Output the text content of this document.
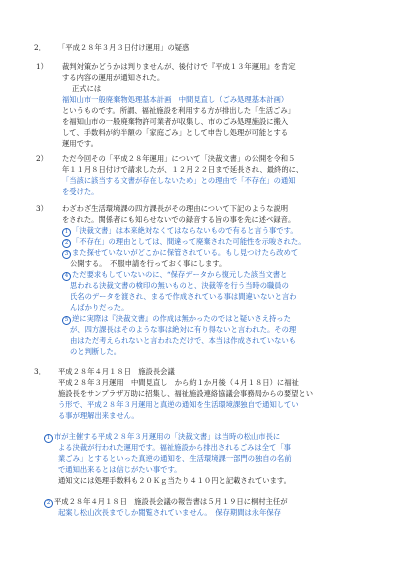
2． 「平成２８年３月３日付け運用」の疑惑
1） 裁判対策かどうかは判りませんが、後付けで『平成１３年運用』を肯定
する内容の運用が通知された。
正式には
福知山市一般廃棄物処理基本計画　中間見直し（ごみ処理基本計画）
というものです。所謂、福祉施設を利用する方が排出した「生活ごみ」
を福知山市の一般廃棄物許可業者が収集し、市のごみ処理施設に搬入
して、手数料が約半額の「家庭ごみ」として申告し処理が可能とする
運用です。
2） ただ今回その「平成２８年運用」について「決裁文書」の公開を令和５
年１１月８日付けで請求したが、１２月２２日まで延長され、最終的に、
「当該に該当する文書が存在しないため」との理由で「不存在」の通知
を受けた。
3） わざわざ生活環境課の四方課長がその理由について下記のような説明
をされた。関係者にも知らせないでの録音する旨の事を先に述べ録音。
1 「決裁文書」は本来絶対なくてはならないもので有ると言う事です。
2 「不存在」の理由としては、間違って廃棄された可能性を示唆された。
3 また探せていないがどこかに保管されている。もし見つけたら改めて
公開する。　不服申請を行っておく事にします。
4 ただ要求もしていないのに、“保存データから復元した該当文書と
思われる決裁文書の検印の無いものと、決裁等を行う当時の職員の
氏名のデータを渡され、まるで作成されている事は間違いないと言わ
んばかりだった。
5 逆に実際は『決裁文書』の作成は無かったのではと疑いさえ持った
が、四方課長はそのような事は絶対に有り得ないと言われた。その理
由はただ考えられないと言われただけで、本当は作成されていないも
のと判断した。
3． 平成２８年４月１８日　施設長会議
平成２８年３月運用　中間見直し　から約１か月後（４月１８日）に福祉
施設長をサンプラザ万助に招集し、福祉施設連絡協議会事務局からの要望とい
う形で、平成２８年３月運用と真逆の通知を生活環境課独自で通知してい
る事が理解出来ません。
1 市が主催する平成２８年３月運用の「決裁文書」は当時の松山市長に
よる決裁が行われた運用です。福祉施設から排出されるごみは全て「事
業ごみ」とするといった真逆の通知を、生活環境課一部門の独自の名前
で通知出来るとは信じがたい事です。
通知文には処理手数料も２０Ｋｇ当たり４１０円と記載されています。
2 平成２８年４月１８日　施設長会議の報告書は５月１９日に桐村主任が
起案し松山次長までしか閲覧されていません。　保存期間は永年保存
